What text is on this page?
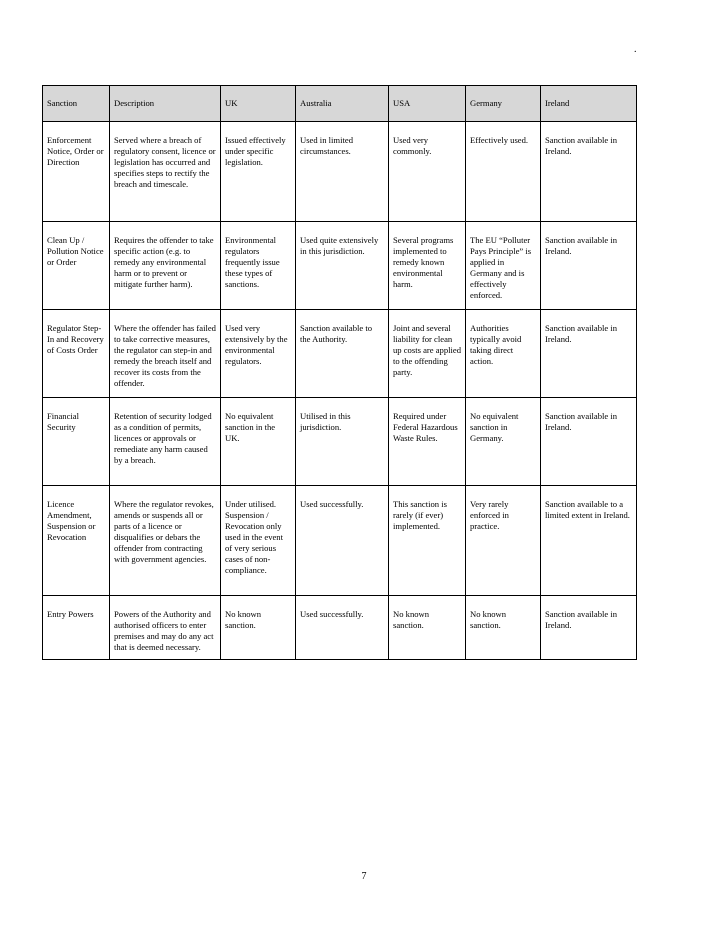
.
Sanction	Description	UK	Australia	USA	Germany	Ireland
Enforcement Notice, Order or Direction	Served where a breach of regulatory consent, licence or legislation has occurred and specifies steps to rectify the breach and timescale.	Issued effectively under specific legislation.	Used in limited circumstances.	Used very commonly.	Effectively used.	Sanction available in Ireland.
Clean Up / Pollution Notice or Order	Requires the offender to take specific action (e.g. to remedy any environmental harm or to prevent or mitigate further harm).	Environmental regulators frequently issue these types of sanctions.	Used quite extensively in this jurisdiction.	Several programs implemented to remedy known environmental harm.	The EU “Polluter Pays Principle” is applied in Germany and is effectively enforced.	Sanction available in Ireland.
Regulator Step-In and Recovery of Costs Order	Where the offender has failed to take corrective measures, the regulator can step-in and remedy the breach itself and recover its costs from the offender.	Used very extensively by the environmental regulators.	Sanction available to the Authority.	Joint and several liability for clean up costs are applied to the offending party.	Authorities typically avoid taking direct action.	Sanction available in Ireland.
Financial Security	Retention of security lodged as a condition of permits, licences or approvals or remediate any harm caused by a breach.	No equivalent sanction in the UK.	Utilised in this jurisdiction.	Required under Federal Hazardous Waste Rules.	No equivalent sanction in Germany.	Sanction available in Ireland.
Licence Amendment, Suspension or Revocation	Where the regulator revokes, amends or suspends all or parts of a licence or disqualifies or debars the offender from contracting with government agencies.	Under utilised. Suspension / Revocation only used in the event of very serious cases of non-compliance.	Used successfully.	This sanction is rarely (if ever) implemented.	Very rarely enforced in practice.	Sanction available to a limited extent in Ireland.
Entry Powers	Powers of the Authority and authorised officers to enter premises and may do any act that is deemed necessary.	No known sanction.	Used successfully.	No known sanction.	No known sanction.	Sanction available in Ireland.
7
